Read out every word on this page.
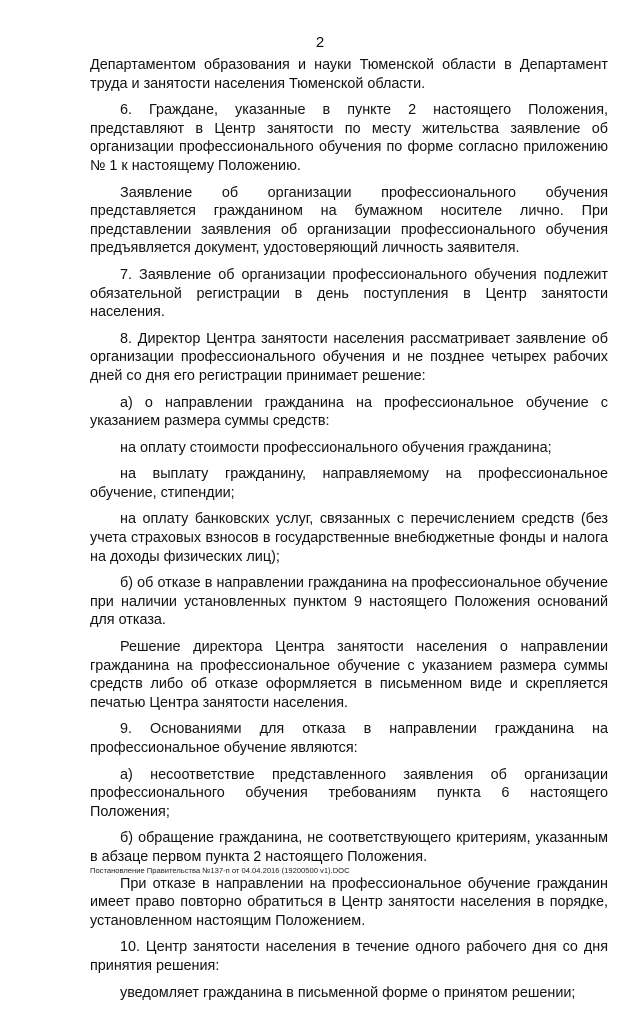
2

Департаментом образования и науки Тюменской области в Департамент труда и занятости населения Тюменской области.

6. Граждане, указанные в пункте 2 настоящего Положения, представляют в Центр занятости по месту жительства заявление об организации профессионального обучения по форме согласно приложению № 1 к настоящему Положению.

Заявление об организации профессионального обучения представляется гражданином на бумажном носителе лично. При представлении заявления об организации профессионального обучения предъявляется документ, удостоверяющий личность заявителя.

7. Заявление об организации профессионального обучения подлежит обязательной регистрации в день поступления в Центр занятости населения.

8. Директор Центра занятости населения рассматривает заявление об организации профессионального обучения и не позднее четырех рабочих дней со дня его регистрации принимает решение:

а) о направлении гражданина на профессиональное обучение с указанием размера суммы средств:

на оплату стоимости профессионального обучения гражданина;

на выплату гражданину, направляемому на профессиональное обучение, стипендии;

на оплату банковских услуг, связанных с перечислением средств (без учета страховых взносов в государственные внебюджетные фонды и налога на доходы физических лиц);

б) об отказе в направлении гражданина на профессиональное обучение при наличии установленных пунктом 9 настоящего Положения оснований для отказа.

Решение директора Центра занятости населения о направлении гражданина на профессиональное обучение с указанием размера суммы средств либо об отказе оформляется в письменном виде и скрепляется печатью Центра занятости населения.

9. Основаниями для отказа в направлении гражданина на профессиональное обучение являются:

а) несоответствие представленного заявления об организации профессионального обучения требованиям пункта 6 настоящего Положения;

б) обращение гражданина, не соответствующего критериям, указанным в абзаце первом пункта 2 настоящего Положения.

При отказе в направлении на профессиональное обучение гражданин имеет право повторно обратиться в Центр занятости населения в порядке, установленном настоящим Положением.

10. Центр занятости населения в течение одного рабочего дня со дня принятия решения:

уведомляет гражданина в письменной форме о принятом решении;

Постановление Правительства №137-п от 04.04.2016 (19200500 v1).DOC
